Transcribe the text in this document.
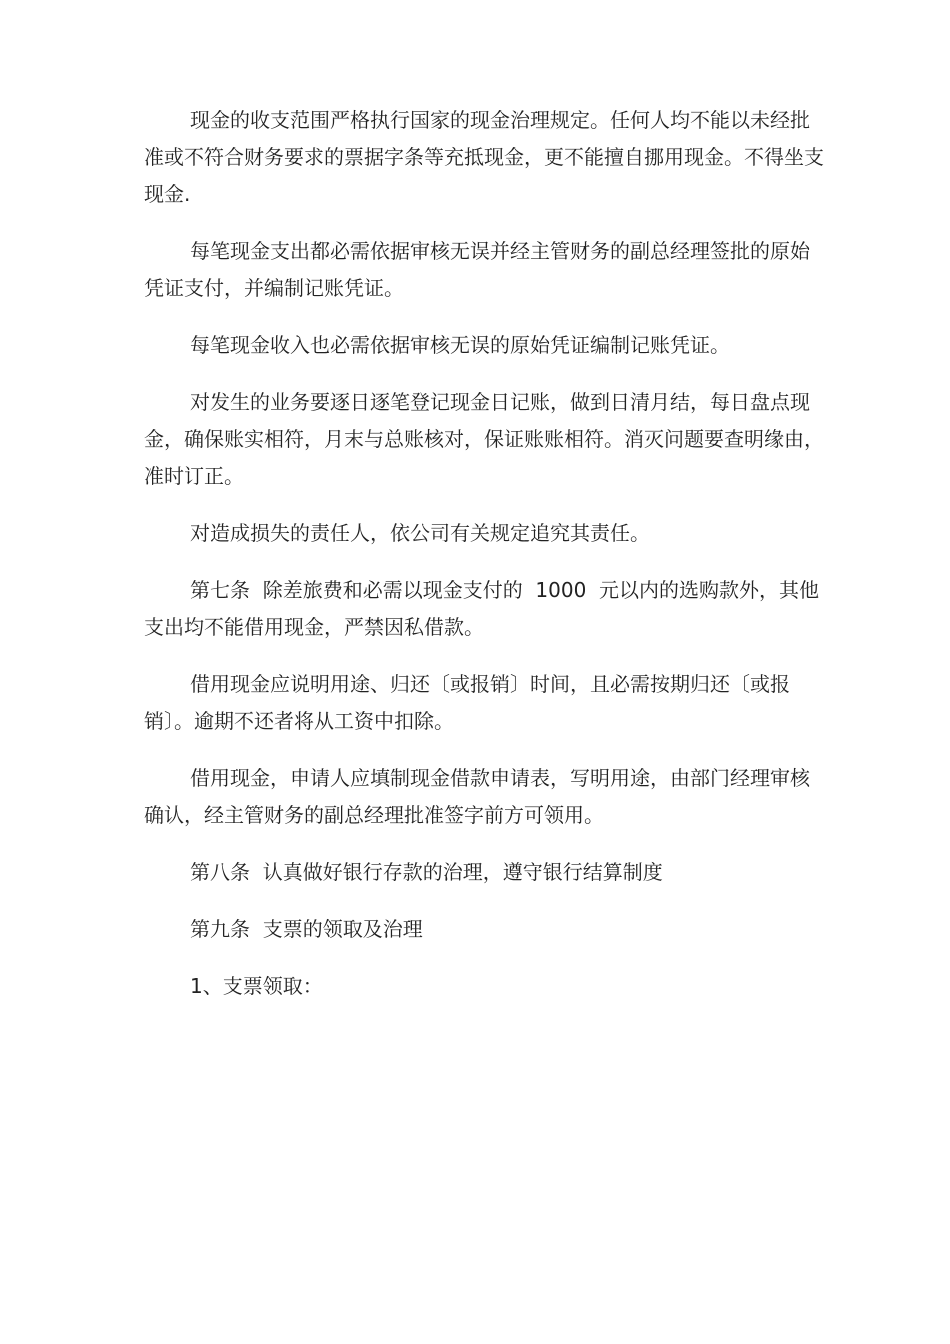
现金的收支范围严格执行国家的现金治理规定。任何人均不能以未经批准或不符合财务要求的票据字条等充抵现金，更不能擅自挪用现金。不得坐支现金.

每笔现金支出都必需依据审核无误并经主管财务的副总经理签批的原始凭证支付，并编制记账凭证。

每笔现金收入也必需依据审核无误的原始凭证编制记账凭证。

对发生的业务要逐日逐笔登记现金日记账，做到日清月结，每日盘点现金，确保账实相符，月末与总账核对，保证账账相符。消灭问题要查明缘由，准时订正。

对造成损失的责任人，依公司有关规定追究其责任。

第七条  除差旅费和必需以现金支付的  1000  元以内的选购款外，其他支出均不能借用现金，严禁因私借款。

借用现金应说明用途、归还〔或报销〕时间，且必需按期归还〔或报销〕。逾期不还者将从工资中扣除。

借用现金，申请人应填制现金借款申请表，写明用途，由部门经理审核确认，经主管财务的副总经理批准签字前方可领用。

第八条  认真做好银行存款的治理，遵守银行结算制度

第九条  支票的领取及治理

1、支票领取：
